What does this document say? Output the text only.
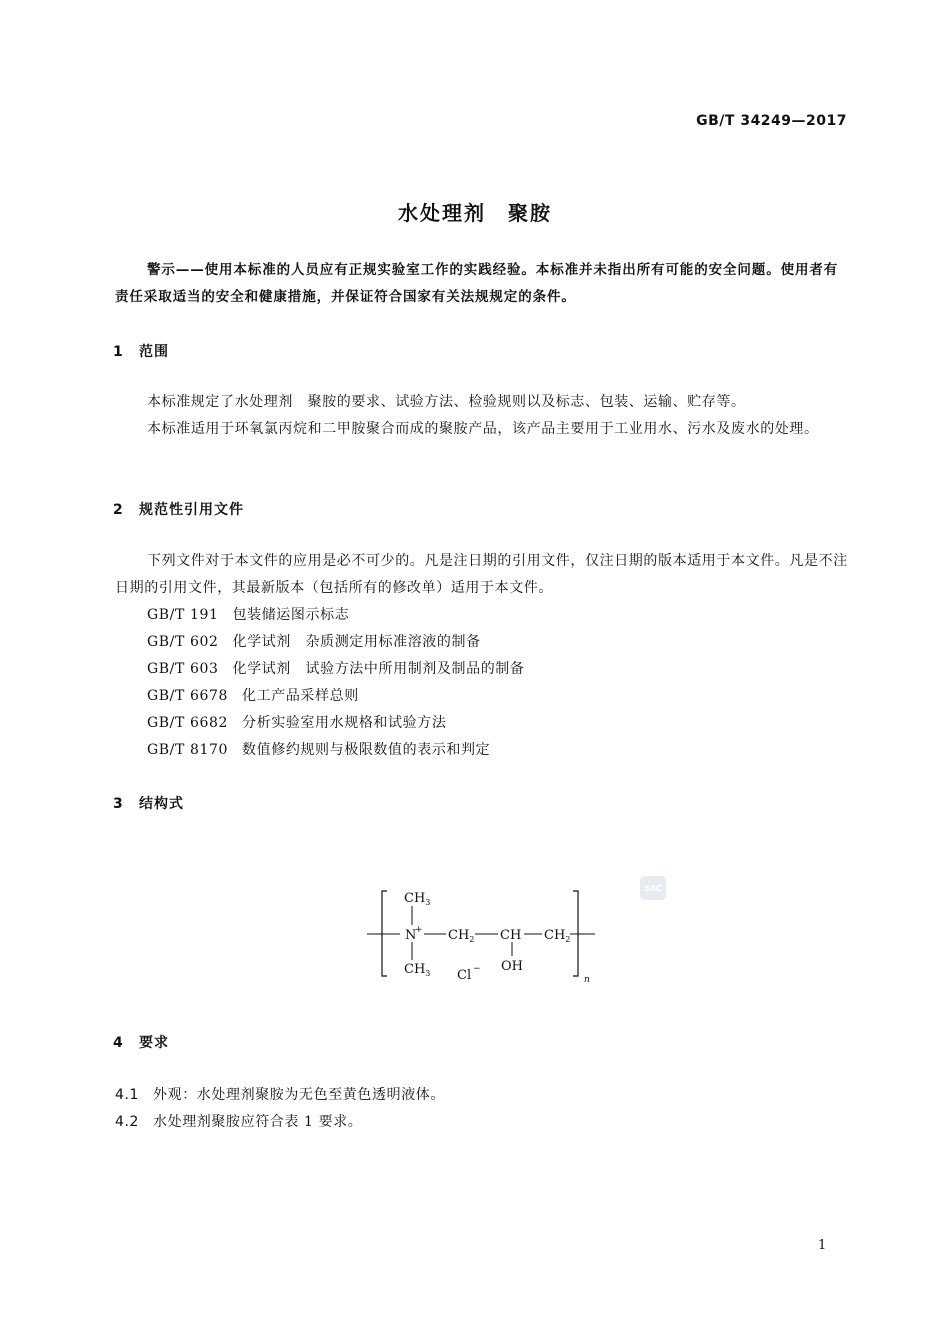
GB/T 34249—2017
水处理剂　聚胺
警示——使用本标准的人员应有正规实验室工作的实践经验。本标准并未指出所有可能的安全问题。使用者有责任采取适当的安全和健康措施，并保证符合国家有关法规规定的条件。
1 范围
本标准规定了水处理剂　聚胺的要求、试验方法、检验规则以及标志、包装、运输、贮存等。
本标准适用于环氧氯丙烷和二甲胺聚合而成的聚胺产品，该产品主要用于工业用水、污水及废水的处理。
2 规范性引用文件
下列文件对于本文件的应用是必不可少的。凡是注日期的引用文件，仅注日期的版本适用于本文件。凡是不注日期的引用文件，其最新版本（包括所有的修改单）适用于本文件。
GB/T 191 包装储运图示标志
GB/T 602 化学试剂　杂质测定用标准溶液的制备
GB/T 603 化学试剂　试验方法中所用制剂及制品的制备
GB/T 6678 化工产品采样总则
GB/T 6682 分析实验室用水规格和试验方法
GB/T 8170 数值修约规则与极限数值的表示和判定
3 结构式
$CH_3$
N
+
$CH_3$
$CH_2$ CH
OH
$CH_2$
Cl −
n
SAC
4 要求
4.1 外观：水处理剂聚胺为无色至黄色透明液体。
4.2 水处理剂聚胺应符合表 1 要求。
1
